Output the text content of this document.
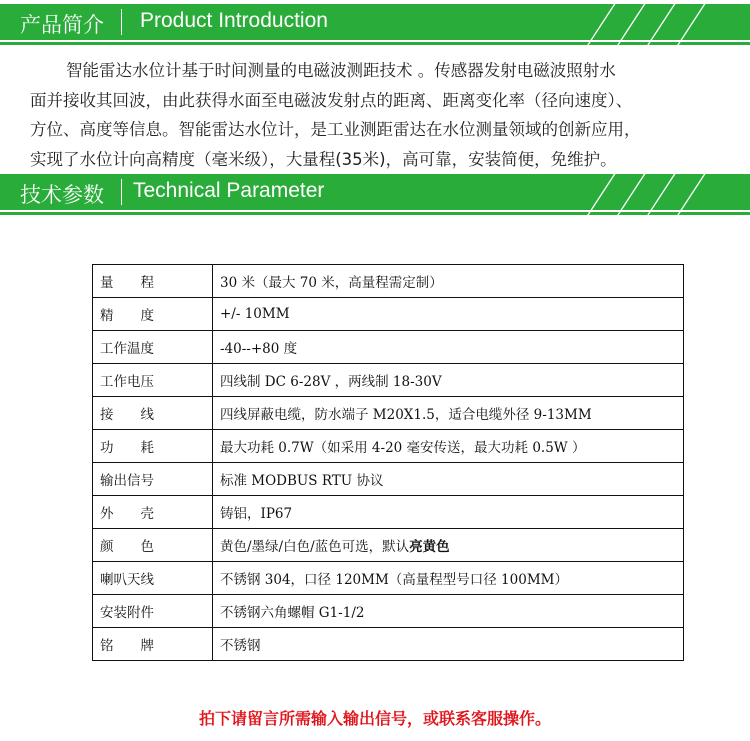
产品简介 Product Introduction

智能雷达水位计基于时间测量的电磁波测距技术 。传感器发射电磁波照射水

面并接收其回波，由此获得水面至电磁波发射点的距离、距离变化率（径向速度）、

方位、高度等信息。智能雷达水位计，是工业测距雷达在水位测量领域的创新应用，

实现了水位计向高精度（毫米级），大量程(35米)，高可靠，安装简便，免维护。

技术参数 Technical Parameter
量　　程	30 米（最大 70 米，高量程需定制）
精　　度	+/- 10MM
工作温度	-40--+80 度
工作电压	四线制 DC 6-28V ，两线制 18-30V
接　　线	四线屏蔽电缆，防水端子 M20X1.5，适合电缆外径 9-13MM
功　　耗	最大功耗 0.7W（如采用 4-20 毫安传送，最大功耗 0.5W ）
输出信号	标准 MODBUS RTU 协议
外　　壳	铸铝，IP67
颜　　色	黄色/墨绿/白色/蓝色可选，默认亮黄色
喇叭天线	不锈钢 304，口径 120MM（高量程型号口径 100MM）
安装附件	不锈钢六角螺帽 G1-1/2
铭　　牌	不锈钢
拍下请留言所需输入输出信号，或联系客服操作。
